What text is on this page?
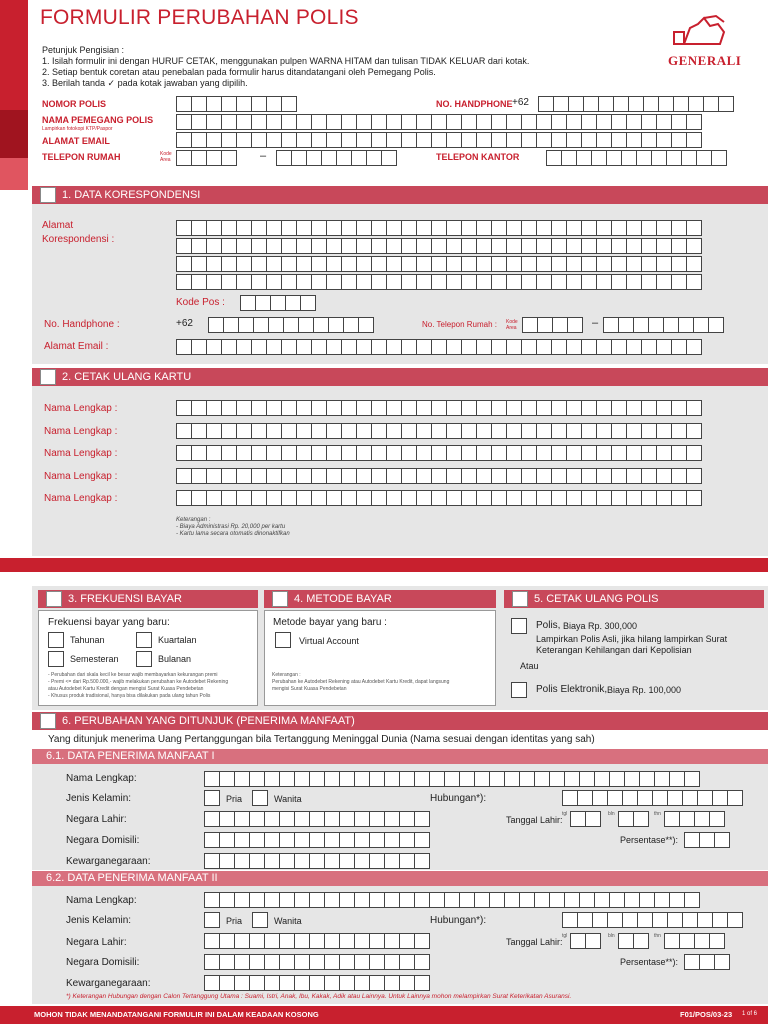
FORMULIR PERUBAHAN POLIS
GENERALI
Petunjuk Pengisian :
1. Isilah formulir ini dengan HURUF CETAK, menggunakan pulpen WARNA HITAM dan tulisan TIDAK KELUAR dari kotak.
2. Setiap bentuk coretan atau penebalan pada formulir harus ditandatangani oleh Pemegang Polis.
3. Berilah tanda ✓ pada kotak jawaban yang dipilih.
NOMOR POLIS	NO. HANDPHONE +62
NAMA PEMEGANG POLIS
Lampirkan fotokopi KTP/Paspor
ALAMAT EMAIL
TELEPON RUMAH	Kode Area	–	TELEPON KANTOR
1. DATA KORESPONDENSI
Alamat Korespondensi :
Kode Pos :
No. Handphone :	+62	No. Telepon Rumah : Kode Area	–
Alamat Email :
2. CETAK ULANG KARTU
Nama Lengkap :
Nama Lengkap :
Nama Lengkap :
Nama Lengkap :
Nama Lengkap :
Keterangan :
- Biaya Administrasi Rp. 20,000 per kartu
- Kartu lama secara otomatis dinonaktifkan
3. FREKUENSI BAYAR
Frekuensi bayar yang baru:
Tahunan	Kuartalan
Semesteran	Bulanan
- Perubahan dari skala kecil ke besar wajib membayarkan kekurangan premi
- Premi <= dari Rp.500.000,- wajib melakukan perubahan ke Autodebet Rekening
atau Autodebet Kartu Kredit dengan mengisi Surat Kuasa Pendebetan
- Khusus produk tradisional, hanya bisa dilakukan pada ulang tahun Polis
4. METODE BAYAR
Metode bayar yang baru :
Virtual Account
Keterangan :
Perubahan ke Autodebet Rekening atau Autodebet Kartu Kredit, dapat langsung
mengisi Surat Kuasa Pendebetan
5. CETAK ULANG POLIS
Polis, Biaya Rp. 300,000
Lampirkan Polis Asli, jika hilang lampirkan Surat
Keterangan Kehilangan dari Kepolisian
Atau
Polis Elektronik, Biaya Rp. 100,000
6. PERUBAHAN YANG DITUNJUK (PENERIMA MANFAAT)
Yang ditunjuk menerima Uang Pertanggungan bila Tertanggung Meninggal Dunia (Nama sesuai dengan identitas yang sah)
6.1. DATA PENERIMA MANFAAT I
Nama Lengkap:
Jenis Kelamin:	Pria	Wanita	Hubungan*):
Negara Lahir:	Tanggal Lahir:
tgl	bln	thn
Negara Domisili:	Persentase**):
Kewarganegaraan:
6.2. DATA PENERIMA MANFAAT II
Nama Lengkap:
Jenis Kelamin:	Pria	Wanita	Hubungan*):
Negara Lahir:	Tanggal Lahir:
tgl	bln	thn
Negara Domisili:	Persentase**):
Kewarganegaraan:
*) Keterangan Hubungan dengan Calon Tertanggung Utama : Suami, Istri, Anak, Ibu, Kakak, Adik atau Lainnya. Untuk Lainnya mohon melampirkan Surat Keterikatan Asuransi.
MOHON TIDAK MENANDATANGANI FORMULIR INI DALAM KEADAAN KOSONG	F01/POS/03-23 1 of 6
